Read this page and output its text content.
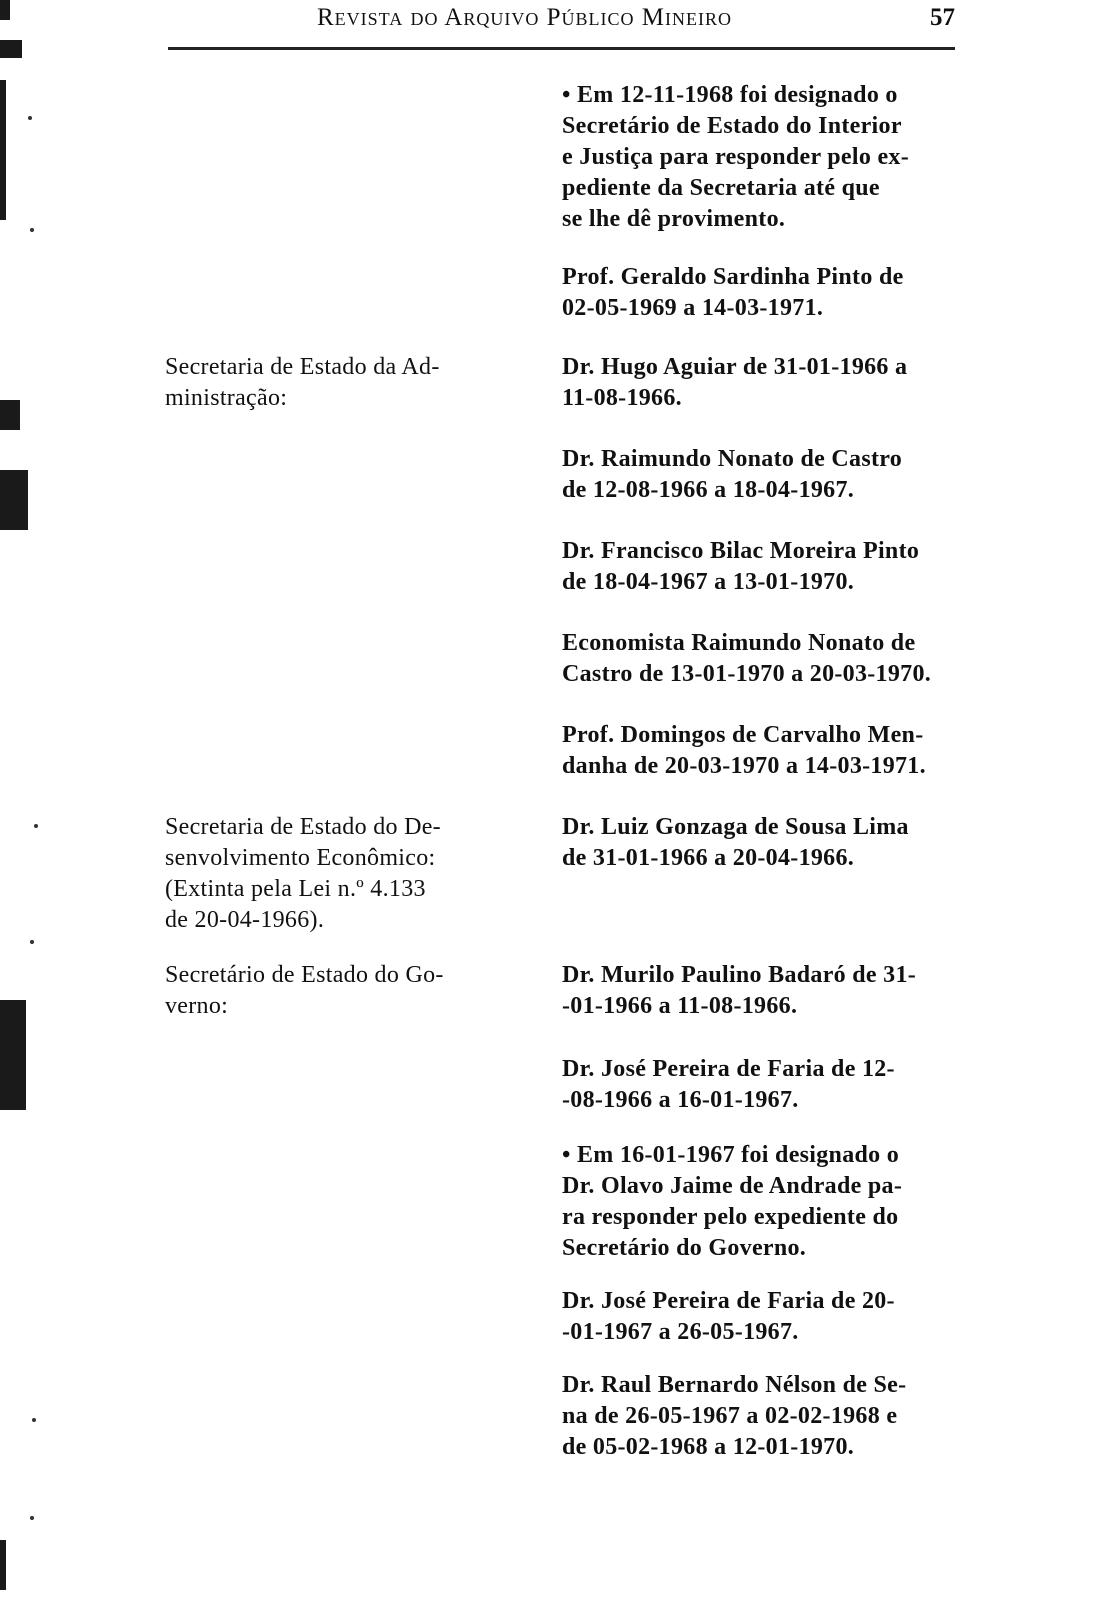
Revista do Arquivo Público Mineiro	57
Secretaria de Estado da Ad-
ministração:
Secretaria de Estado do De-
senvolvimento Econômico:
(Extinta pela Lei n.º 4.133
de 20-04-1966).
Secretário de Estado do Go-
verno:
• Em 12-11-1968 foi designado o
Secretário de Estado do Interior
e Justiça para responder pelo ex-
pediente da Secretaria até que
se lhe dê provimento.
Prof. Geraldo Sardinha Pinto de
02-05-1969 a 14-03-1971.
Dr. Hugo Aguiar de 31-01-1966 a
11-08-1966.
Dr. Raimundo Nonato de Castro
de 12-08-1966 a 18-04-1967.
Dr. Francisco Bilac Moreira Pinto
de 18-04-1967 a 13-01-1970.
Economista Raimundo Nonato de
Castro de 13-01-1970 a 20-03-1970.
Prof. Domingos de Carvalho Men-
danha de 20-03-1970 a 14-03-1971.
Dr. Luiz Gonzaga de Sousa Lima
de 31-01-1966 a 20-04-1966.
Dr. Murilo Paulino Badaró de 31-
-01-1966 a 11-08-1966.
Dr. José Pereira de Faria de 12-
-08-1966 a 16-01-1967.
• Em 16-01-1967 foi designado o
Dr. Olavo Jaime de Andrade pa-
ra responder pelo expediente do
Secretário do Governo.
Dr. José Pereira de Faria de 20-
-01-1967 a 26-05-1967.
Dr. Raul Bernardo Nélson de Se-
na de 26-05-1967 a 02-02-1968 e
de 05-02-1968 a 12-01-1970.
